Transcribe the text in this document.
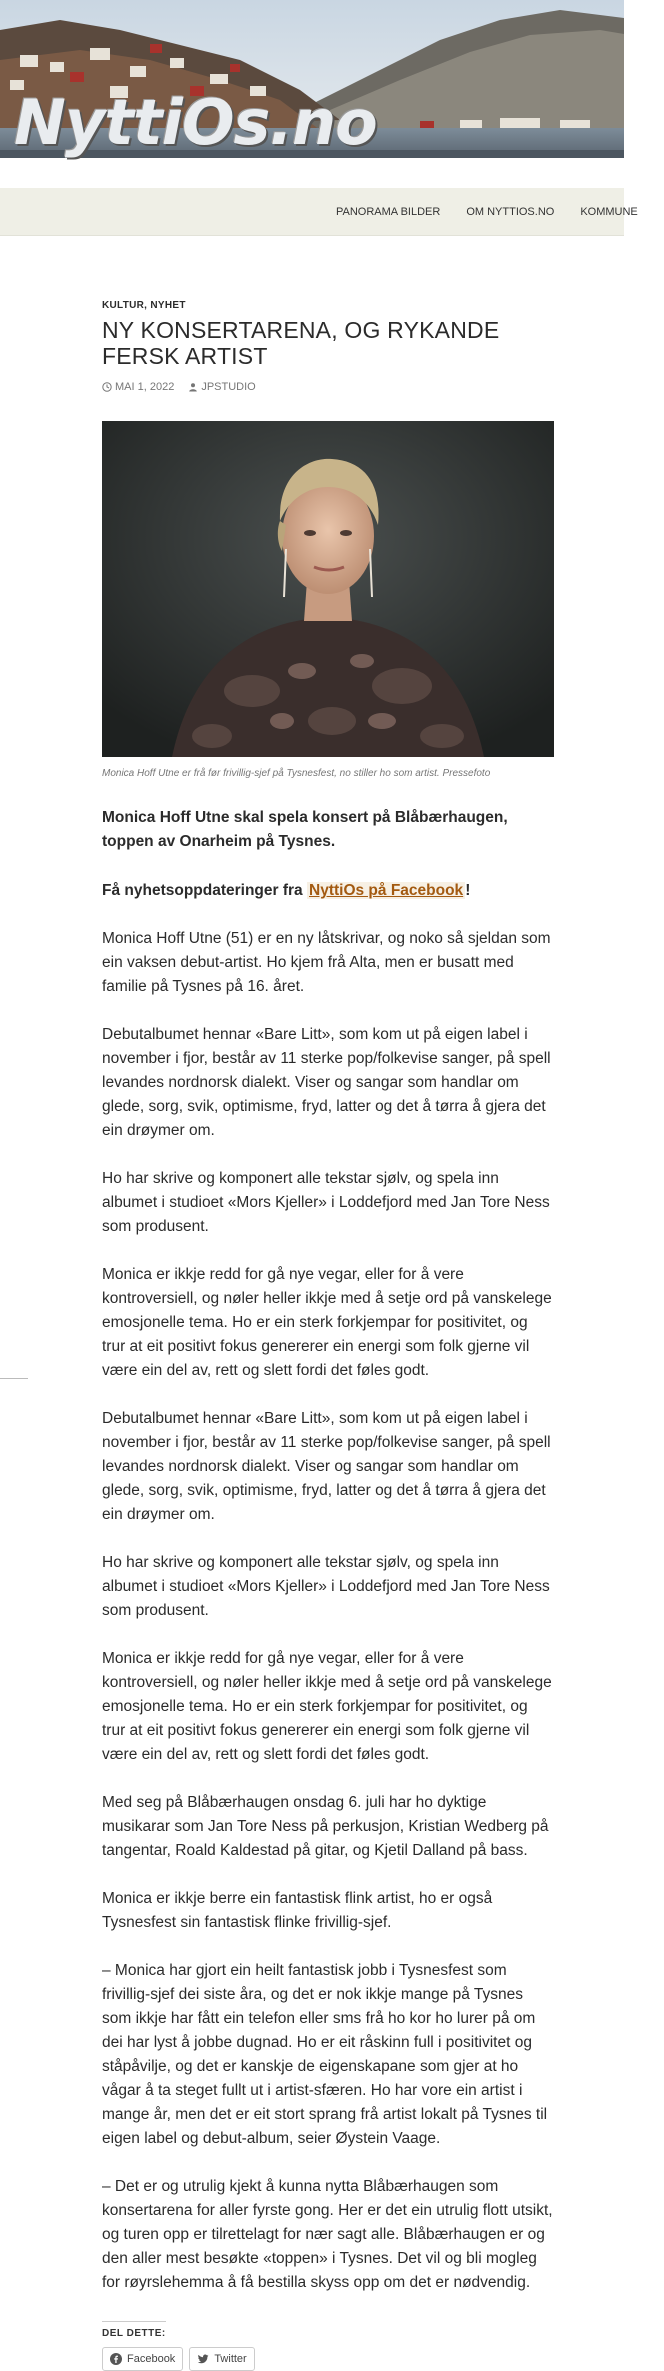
NyttiOs.no
PANORAMA BILDER OM NYTTIOS.NO KOMMUNE
KULTUR , NYHET
NY KONSERTARENA, OG RYKANDE FERSK ARTIST
MAI 1, 2022 JPSTUDIO
Monica Hoff Utne er frå før frivillig-sjef på Tysnesfest, no stiller ho som artist. Pressefoto

Monica Hoff Utne skal spela konsert på Blåbærhaugen, toppen av Onarheim på Tysnes.

Få nyhetsoppdateringer fra NyttiOs på Facebook !

Monica Hoff Utne (51) er en ny låtskrivar, og noko så sjeldan som ein vaksen debut-artist. Ho kjem frå Alta, men er busatt med familie på Tysnes på 16. året.

Debutalbumet hennar «Bare Litt», som kom ut på eigen label i november i fjor, består av 11 sterke pop/folkevise sanger, på spell levandes nordnorsk dialekt. Viser og sangar som handlar om glede, sorg, svik, optimisme, fryd, latter og det å tørra å gjera det ein drøymer om.

Ho har skrive og komponert alle tekstar sjølv, og spela inn albumet i studioet «Mors Kjeller» i Loddefjord med Jan Tore Ness som produsent.

Monica er ikkje redd for gå nye vegar, eller for å vere kontroversiell, og nøler heller ikkje med å setje ord på vanskelege emosjonelle tema. Ho er ein sterk forkjempar for positivitet, og trur at eit positivt fokus genererer ein energi som folk gjerne vil være ein del av, rett og slett fordi det føles godt.

Debutalbumet hennar «Bare Litt», som kom ut på eigen label i november i fjor, består av 11 sterke pop/folkevise sanger, på spell levandes nordnorsk dialekt. Viser og sangar som handlar om glede, sorg, svik, optimisme, fryd, latter og det å tørra å gjera det ein drøymer om.

Ho har skrive og komponert alle tekstar sjølv, og spela inn albumet i studioet «Mors Kjeller» i Loddefjord med Jan Tore Ness som produsent.

Monica er ikkje redd for gå nye vegar, eller for å vere kontroversiell, og nøler heller ikkje med å setje ord på vanskelege emosjonelle tema. Ho er ein sterk forkjempar for positivitet, og trur at eit positivt fokus genererer ein energi som folk gjerne vil være ein del av, rett og slett fordi det føles godt.

Med seg på Blåbærhaugen onsdag 6. juli har ho dyktige musikarar som Jan Tore Ness på perkusjon, Kristian Wedberg på tangentar, Roald Kaldestad på gitar, og Kjetil Dalland på bass.

Monica er ikkje berre ein fantastisk flink artist, ho er også Tysnesfest sin fantastisk flinke frivillig-sjef.

– Monica har gjort ein heilt fantastisk jobb i Tysnesfest som frivillig-sjef dei siste åra, og det er nok ikkje mange på Tysnes som ikkje har fått ein telefon eller sms frå ho kor ho lurer på om dei har lyst å jobbe dugnad. Ho er eit råskinn full i positivitet og ståpåvilje, og det er kanskje de eigenskapane som gjer at ho vågar å ta steget fullt ut i artist-sfæren. Ho har vore ein artist i mange år, men det er eit stort sprang frå artist lokalt på Tysnes til eigen label og debut-album, seier Øystein Vaage.

– Det er og utrulig kjekt å kunna nytta Blåbærhaugen som konsertarena for aller fyrste gong. Her er det ein utrulig flott utsikt, og turen opp er tilrettelagt for nær sagt alle. Blåbærhaugen er og den aller mest besøkte «toppen» i Tysnes. Det vil og bli mogleg for røyrslehemma å få bestilla skyss opp om det er nødvendig.

DEL DETTE:
Facebook	Twitter
